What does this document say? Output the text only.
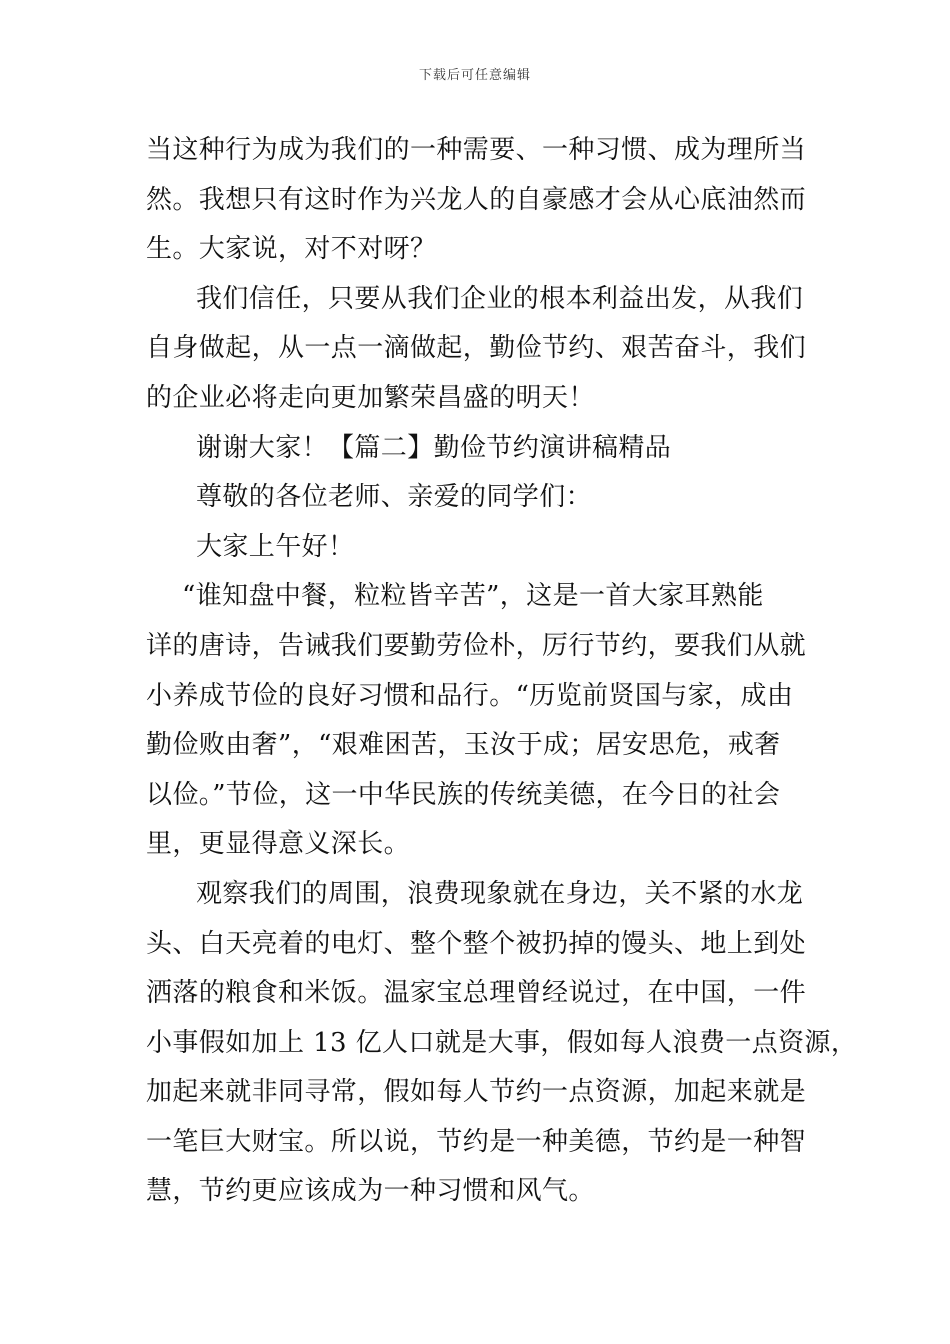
下载后可任意编辑
当这种行为成为我们的一种需要、一种习惯、成为理所当
然。我想只有这时作为兴龙人的自豪感才会从心底油然而
生。大家说，对不对呀？
我们信任，只要从我们企业的根本利益出发，从我们
自身做起，从一点一滴做起，勤俭节约、艰苦奋斗，我们
的企业必将走向更加繁荣昌盛的明天！
谢谢大家！【篇二】勤俭节约演讲稿精品
尊敬的各位老师、亲爱的同学们：
大家上午好！
“谁知盘中餐，粒粒皆辛苦”，这是一首大家耳熟能
详的唐诗，告诫我们要勤劳俭朴，厉行节约，要我们从就
小养成节俭的良好习惯和品行。“历览前贤国与家，成由
勤俭败由奢”，“艰难困苦，玉汝于成；居安思危，戒奢
以俭。”节俭，这一中华民族的传统美德，在今日的社会
里，更显得意义深长。
观察我们的周围，浪费现象就在身边，关不紧的水龙
头、白天亮着的电灯、整个整个被扔掉的馒头、地上到处
洒落的粮食和米饭。温家宝总理曾经说过，在中国，一件
小事假如加上 13 亿人口就是大事，假如每人浪费一点资源，
加起来就非同寻常，假如每人节约一点资源，加起来就是
一笔巨大财宝。所以说，节约是一种美德，节约是一种智
慧，节约更应该成为一种习惯和风气。
